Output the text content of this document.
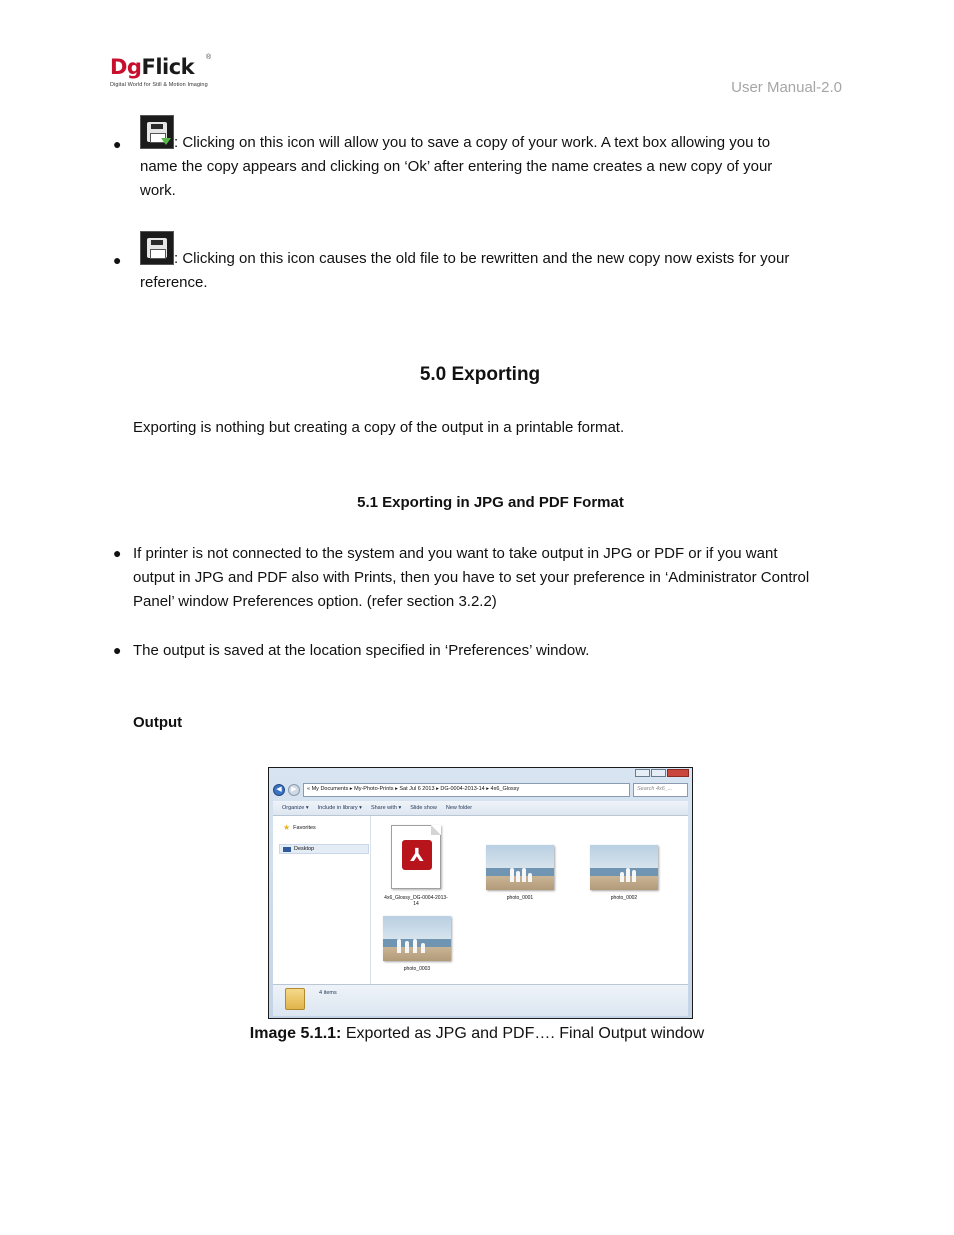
DgFlick	®
Digital World for Still & Motion Imaging	User Manual-2.0
●	: Clicking on this icon will allow you to save a copy of your work. A text box allowing you to
name the copy appears and clicking on ‘Ok’ after entering the name creates a new copy of your
work.
●	: Clicking on this icon causes the old file to be rewritten and the new copy now exists for your
reference.
5.0 Exporting
Exporting is nothing but creating a copy of the output in a printable format.
5.1 Exporting in JPG and PDF Format
● If printer is not connected to the system and you want to take output in JPG or PDF or if you want
output in JPG and PDF also with Prints, then you have to set your preference in ‘Administrator Control
Panel’ window Preferences option. (refer section 3.2.2)
● The output is saved at the location specified in ‘Preferences’ window.
Output
◀	▶	« My Documents ▸ My-Photo-Prints ▸ Sat Jul 6 2013 ▸ DG-0004-2013-14 ▸ 4x6_Glossy	Search 4x6_...
Organize ▾ Include in library ▾ Share with ▾ Slide show New folder
★ Favorites
Desktop	⅄
4x6_Glossy_DG-0004-2013-
14
photo_0001	photo_0002
photo_0003
4 items
Image 5.1.1: Exported as JPG and PDF…. Final Output window
